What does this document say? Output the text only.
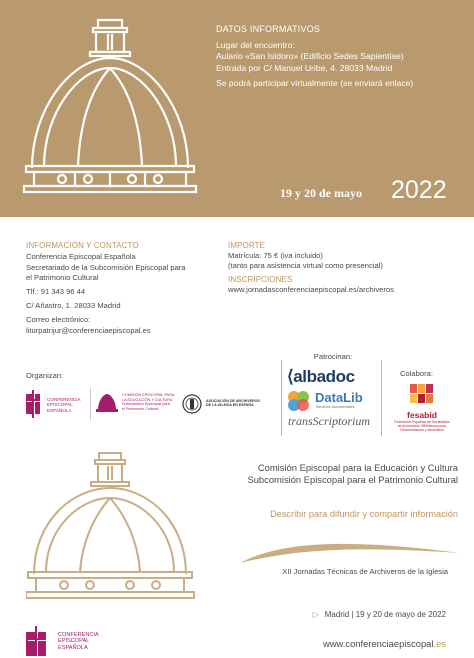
DATOS INFORMATIVOS
Lugar del encuentro:
Aulario «San Isidoro» (Edificio Sedes Sapientiae)
Entrada por C/ Manuel Uribe, 4. 28033 Madrid
Se podrá participar virtualmente (se enviará enlace)
19 y 20 de mayo 2022
INFORMACIÓN Y CONTACTO
Conferencia Episcopal Española
Secretariado de la Subcomisión Episcopal para
el Patrimonio Cultural
Tlf.: 91 343 96 44
C/ Añastro, 1. 28033 Madrid
Correo electrónico:
liturpatrijur@conferenciaepiscopal.es
IMPORTE
Matrícula: 75 € (iva incluido)
(tanto para asistencia virtual como presencial)
INSCRIPCIONES
www.jornadasconferenciaepiscopal.es/archiveros
Organizan:
CONFERENCIA
EPISCOPAL
ESPAÑOLA
COMISIÓN EPISCOPAL PARA
LA EDUCACIÓN Y CULTURA
Subcomisión Episcopal para
el Patrimonio Cultural
ASOCIACIÓN DE ARCHIVEROS
DE LA IGLESIA EN ESPAÑA
Patrocinan:
⟨albadoc
DataLib
Servicios Documentales
transScriptorium
Colabora:
fesabid
Federación Española de Sociedades
de Archivística, Biblioteconomía,
Documentación y Museística
Comisión Episcopal para la Educación y Cultura
Subcomisión Episcopal para el Patrimonio Cultural
Describir para difundir y compartir información
XII Jornadas Técnicas de Archiveros de la Iglesia
▷ Madrid | 19 y 20 de mayo de 2022
www.conferenciaepiscopal.es
CONFERENCIA
EPISCOPAL
ESPAÑOLA
